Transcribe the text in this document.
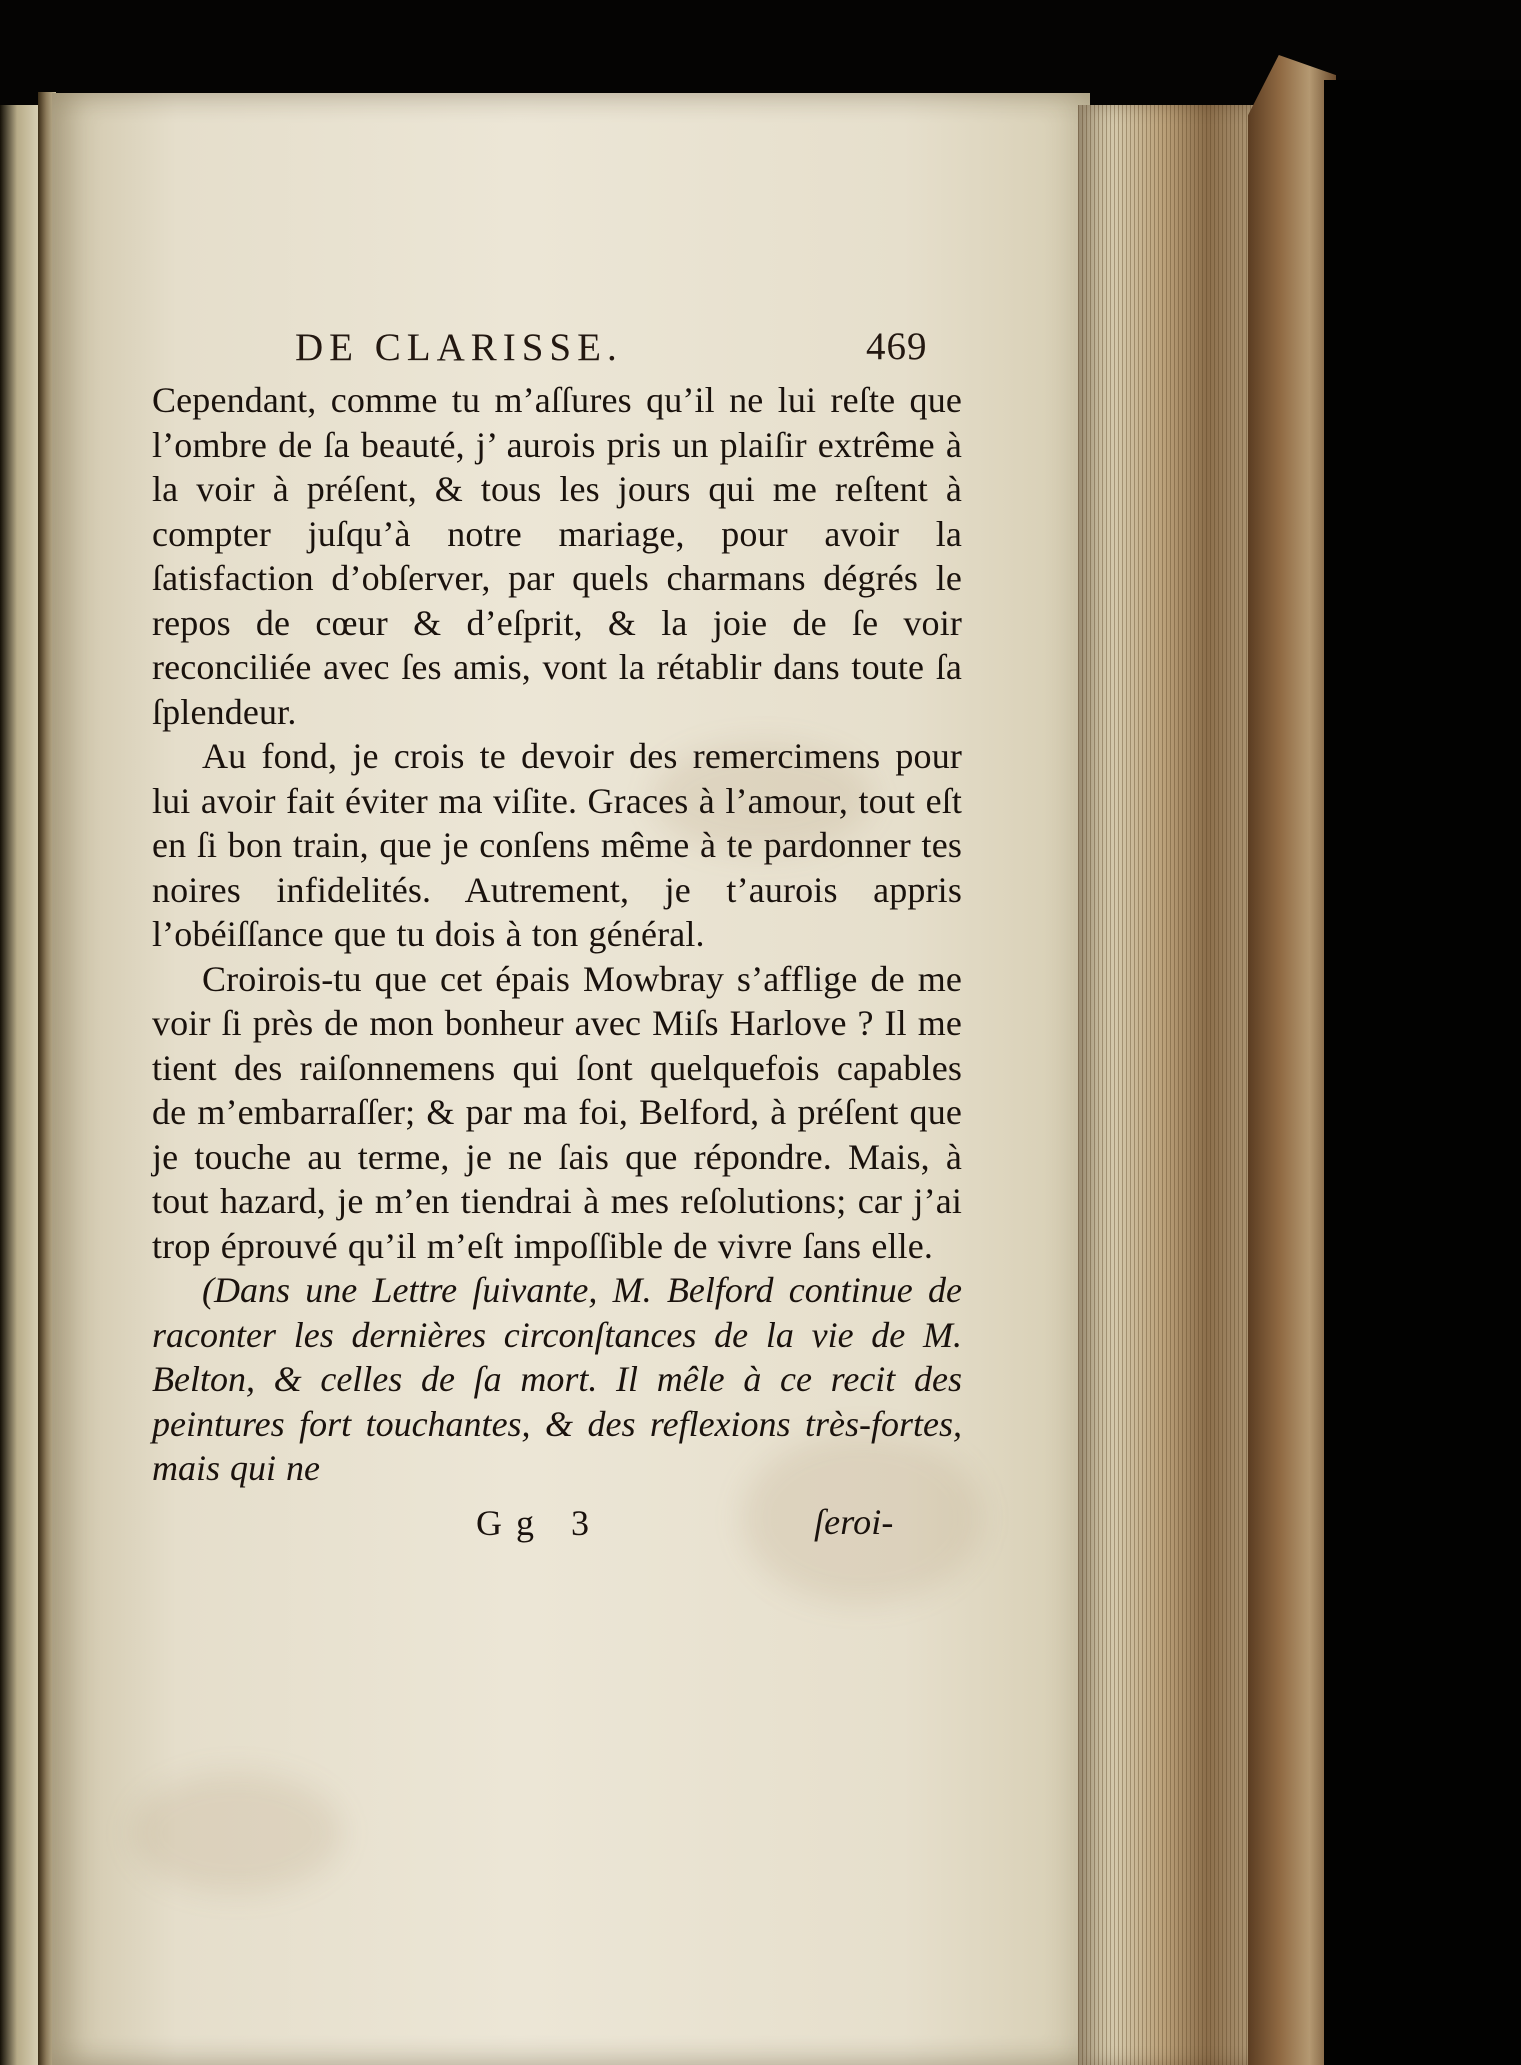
DE CLARISSE.	469

Cependant, comme tu m’aſſures qu’il ne lui reſte que l’ombre de ſa beauté, j’ aurois pris un plaiſir extrême à la voir à préſent, & tous les jours qui me reſtent à compter juſqu’à notre mariage, pour avoir la ſatisfaction d’obſerver, par quels charmans dégrés le repos de cœur & d’eſprit, & la joie de ſe voir reconciliée avec ſes amis, vont la rétablir dans toute ſa ſplendeur.

Au fond, je crois te devoir des remercimens pour lui avoir fait éviter ma viſite. Graces à l’amour, tout eſt en ſi bon train, que je conſens même à te pardonner tes noires infidelités. Autrement, je t’aurois appris l’obéiſſance que tu dois à ton général.

Croirois-tu que cet épais Mowbray s’afflige de me voir ſi près de mon bonheur avec Miſs Harlove ? Il me tient des raiſonnemens qui ſont quelquefois capables de m’embarraſſer; & par ma foi, Belford, à préſent que je touche au terme, je ne ſais que répondre. Mais, à tout hazard, je m’en tiendrai à mes reſolutions; car j’ai trop éprouvé qu’il m’eſt impoſſible de vivre ſans elle.

(Dans une Lettre ſuivante, M. Belford continue de raconter les dernières circonſtances de la vie de M. Belton, & celles de ſa mort. Il mêle à ce recit des peintures fort touchantes, & des reflexions très-fortes, mais qui ne

Gg 3	ſeroi-
